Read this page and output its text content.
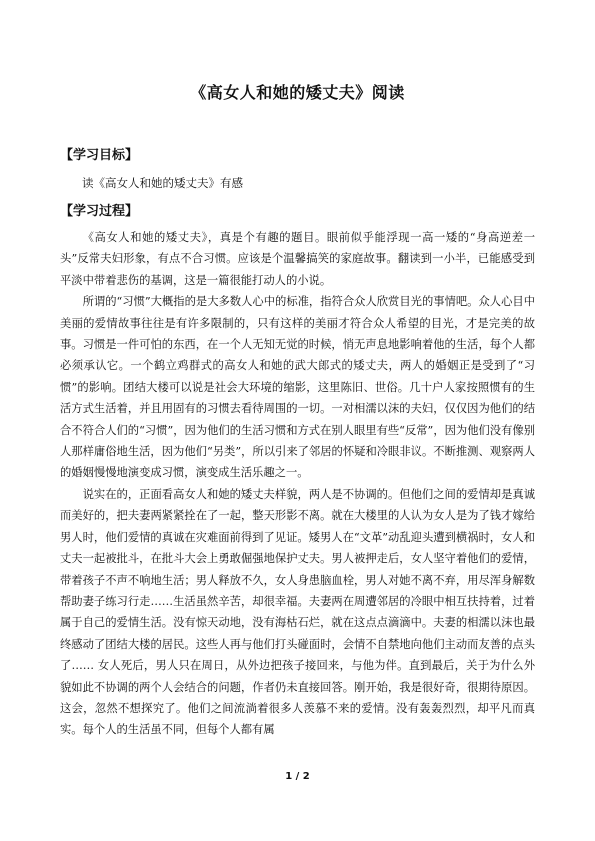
《高女人和她的矮丈夫》阅读
【学习目标】
读《高女人和她的矮丈夫》有感
【学习过程】

《高女人和她的矮丈夫》，真是个有趣的题目。眼前似乎能浮现一高一矮的“身高逆差一头”反常夫妇形象，有点不合习惯。应该是个温馨搞笑的家庭故事。翻读到一小半，已能感受到平淡中带着悲伤的基调，这是一篇很能打动人的小说。

所谓的“习惯”大概指的是大多数人心中的标准，指符合众人欣赏目光的事情吧。众人心目中美丽的爱情故事往往是有许多限制的，只有这样的美丽才符合众人希望的目光，才是完美的故事。习惯是一件可怕的东西，在一个人无知无觉的时候，悄无声息地影响着他的生活，每个人都必须承认它。一个鹤立鸡群式的高女人和她的武大郎式的矮丈夫，两人的婚姻正是受到了“习惯”的影响。团结大楼可以说是社会大环境的缩影，这里陈旧、世俗。几十户人家按照惯有的生活方式生活着，并且用固有的习惯去看待周围的一切。一对相濡以沫的夫妇，仅仅因为他们的结合不符合人们的“习惯”，因为他们的生活习惯和方式在别人眼里有些“反常”，因为他们没有像别人那样庸俗地生活，因为他们“另类”，所以引来了邻居的怀疑和冷眼非议。不断推测、观察两人的婚姻慢慢地演变成习惯，演变成生活乐趣之一。

说实在的，正面看高女人和她的矮丈夫样貌，两人是不协调的。但他们之间的爱情却是真诚而美好的，把夫妻两紧紧拴在了一起，整天形影不离。就在大楼里的人认为女人是为了钱才嫁给男人时，他们爱情的真诚在灾难面前得到了见证。矮男人在“文革”动乱迎头遭到横祸时，女人和丈夫一起被批斗，在批斗大会上勇敢倔强地保护丈夫。男人被押走后，女人坚守着他们的爱情，带着孩子不声不响地生活；男人释放不久，女人身患脑血栓，男人对她不离不弃，用尽浑身解数帮助妻子练习行走……生活虽然辛苦，却很幸福。夫妻两在周遭邻居的冷眼中相互扶持着，过着属于自己的爱情生活。没有惊天动地，没有海枯石烂，就在这点点滴滴中。夫妻的相濡以沫也最终感动了团结大楼的居民。这些人再与他们打头碰面时，会情不自禁地向他们主动而友善的点头了…… 女人死后，男人只在周日，从外边把孩子接回来，与他为伴。直到最后，关于为什么外貌如此不协调的两个人会结合的问题，作者仍未直接回答。刚开始，我是很好奇，很期待原因。这会，忽然不想探究了。他们之间流淌着很多人羡慕不来的爱情。没有轰轰烈烈，却平凡而真实。每个人的生活虽不同，但每个人都有属

1 / 2
